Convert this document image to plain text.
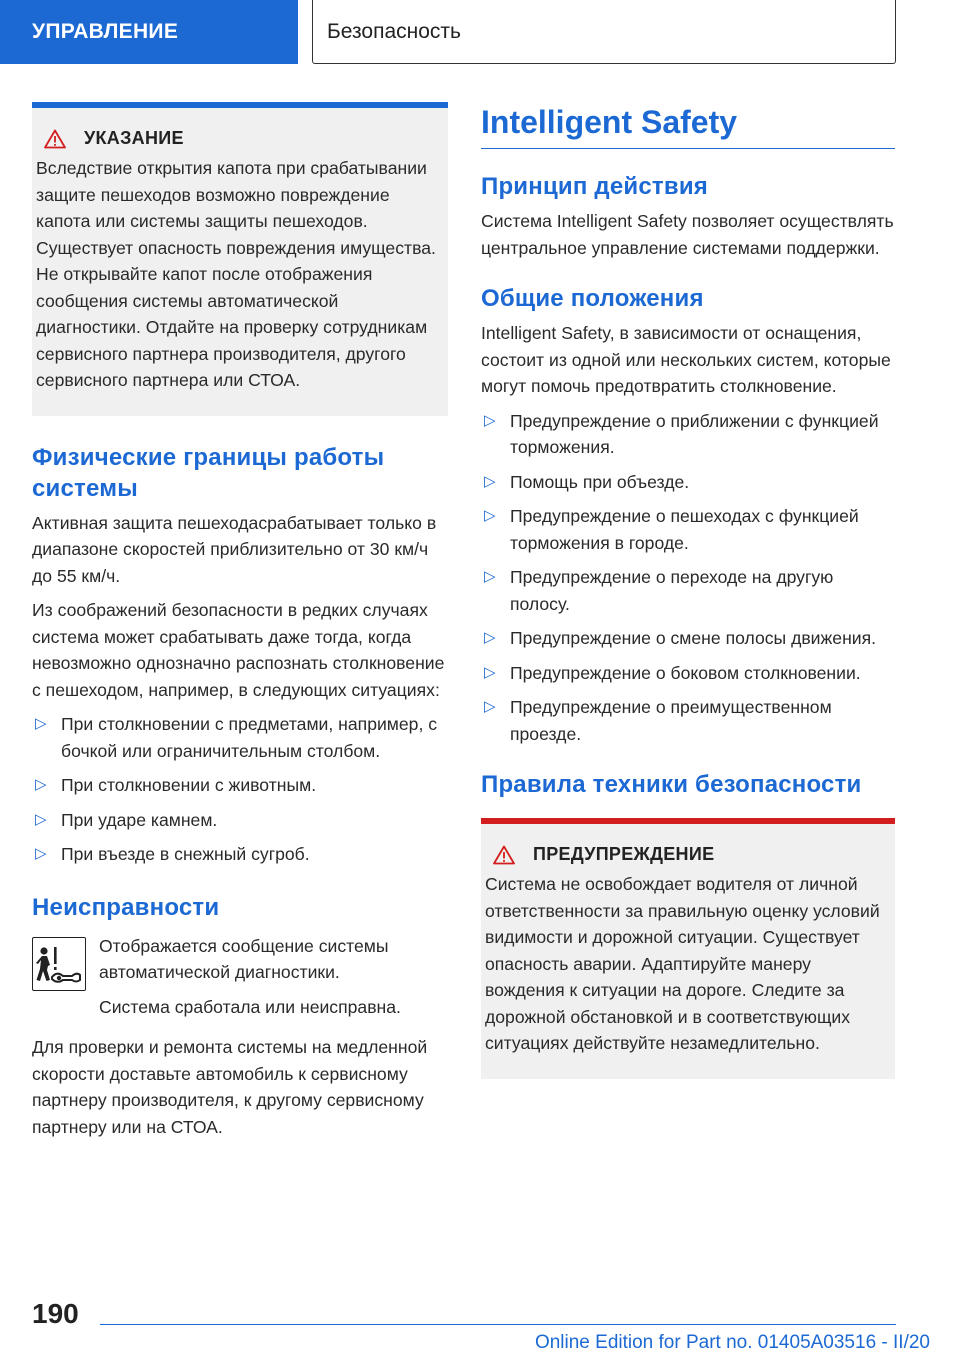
УПРАВЛЕНИЕ	Безопасность
УКАЗАНИЕ
Вследствие открытия капота при срабатывании защите пешеходов возможно повреждение капота или системы защиты пешеходов. Существует опасность повреждения имущества. Не открывайте капот после отображения сообщения системы автоматической диагностики. Отдайте на проверку сотрудникам сервисного партнера производителя, другого сервисного партнера или СТОА.
Физические границы работы системы
Активная защита пешеходасрабатывает только в диапазоне скоростей приблизительно от 30 км/ч до 55 км/ч.
Из соображений безопасности в редких случаях система может срабатывать даже тогда, когда невозможно однозначно распознать столкновение с пешеходом, например, в следующих ситуациях:
▷ При столкновении с предметами, например, с бочкой или ограничительным столбом.
▷ При столкновении с животным.
▷ При ударе камнем.
▷ При въезде в снежный сугроб.
Неисправности
Отображается сообщение системы автоматической диагностики.
Система сработала или неисправна.
Для проверки и ремонта системы на медленной скорости доставьте автомобиль к сервисному партнеру производителя, к другому сервисному партнеру или на СТОА.
Intelligent Safety
Принцип действия
Система Intelligent Safety позволяет осуществлять центральное управление системами поддержки.
Общие положения
Intelligent Safety, в зависимости от оснащения, состоит из одной или нескольких систем, которые могут помочь предотвратить столкновение.
▷ Предупреждение о приближении с функцией торможения.
▷ Помощь при объезде.
▷ Предупреждение о пешеходах с функцией торможения в городе.
▷ Предупреждение о переходе на другую полосу.
▷ Предупреждение о смене полосы движения.
▷ Предупреждение о боковом столкновении.
▷ Предупреждение о преимущественном проезде.
Правила техники безопасности
ПРЕДУПРЕЖДЕНИЕ
Система не освобождает водителя от личной ответственности за правильную оценку условий видимости и дорожной ситуации. Существует опасность аварии. Адаптируйте манеру вождения к ситуации на дороге. Следите за дорожной обстановкой и в соответствующих ситуациях действуйте незамедлительно.
190
Online Edition for Part no. 01405A03516 - II/20
